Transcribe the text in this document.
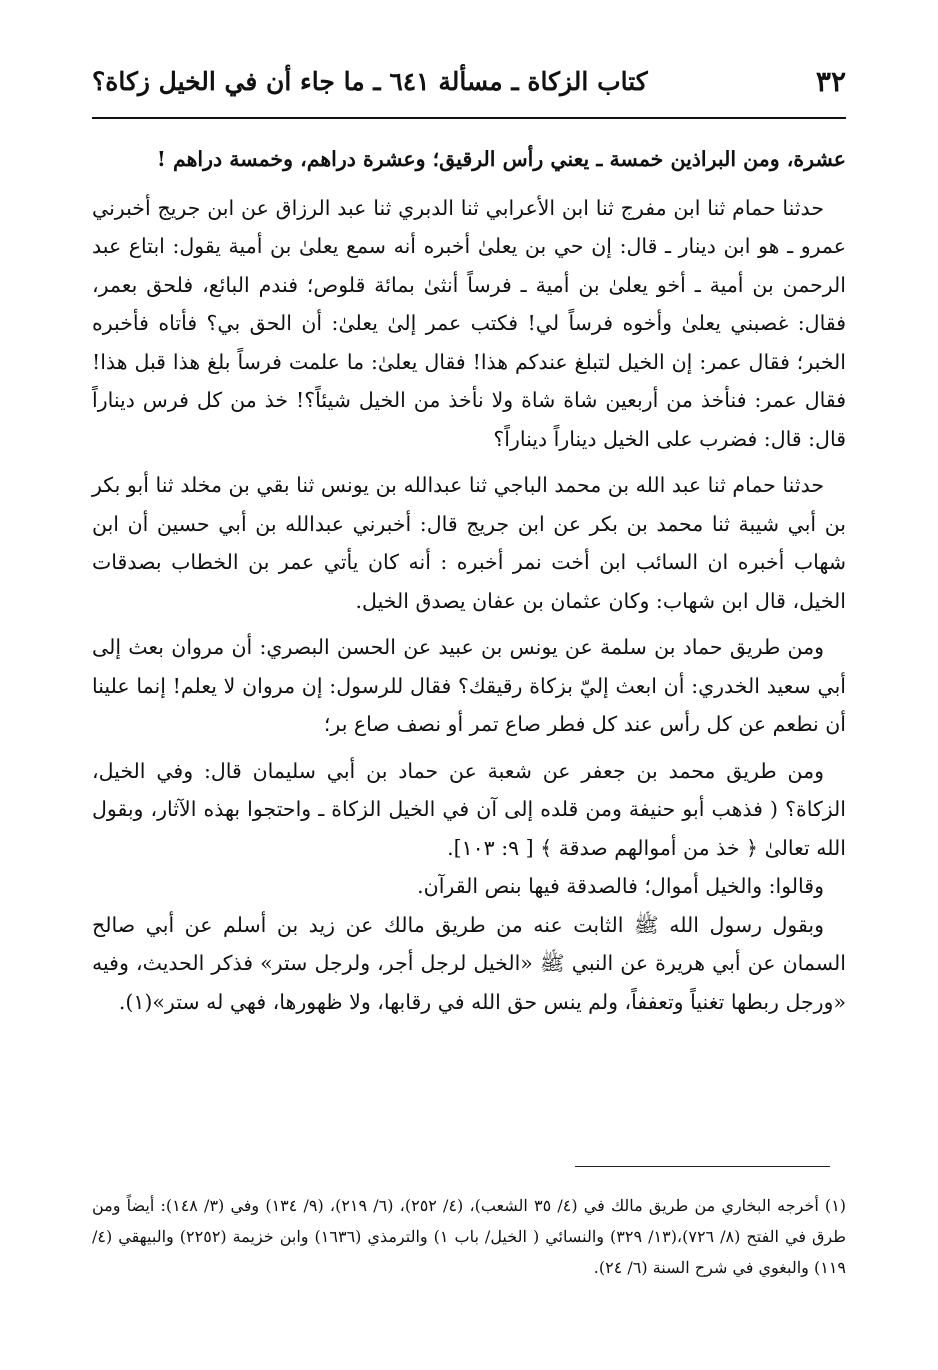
٣٢
كتاب الزكاة ـ مسألة ٦٤١ ـ ما جاء أن في الخيل زكاة؟

عشرة، ومن البراذين خمسة ـ يعني رأس الرقيق؛ وعشرة دراهم، وخمسة دراهم !

حدثنا حمام ثنا ابن مفرج ثنا ابن الأعرابي ثنا الدبري ثنا عبد الرزاق عن ابن جريج أخبرني عمرو ـ هو ابن دينار ـ قال: إن حي بن يعلىٰ أخبره أنه سمع يعلىٰ بن أمية يقول: ابتاع عبد الرحمن بن أمية ـ أخو يعلىٰ بن أمية ـ فرساً أنثىٰ بمائة قلوص؛ فندم البائع، فلحق بعمر، فقال: غصبني يعلىٰ وأخوه فرساً لي! فكتب عمر إلىٰ يعلىٰ: أن الحق بي؟ فأتاه فأخبره الخبر؛ فقال عمر: إن الخيل لتبلغ عندكم هذا! فقال يعلىٰ: ما علمت فرساً بلغ هذا قبل هذا! فقال عمر: فنأخذ من أربعين شاة شاة ولا نأخذ من الخيل شيئاً؟! خذ من كل فرس ديناراً قال: قال: فضرب على الخيل ديناراً ديناراً؟

حدثنا حمام ثنا عبد الله بن محمد الباجي ثنا عبدالله بن يونس ثنا بقي بن مخلد ثنا أبو بكر بن أبي شيبة ثنا محمد بن بكر عن ابن جريج قال: أخبرني عبدالله بن أبي حسين أن ابن شهاب أخبره ان السائب ابن أخت نمر أخبره : أنه كان يأتي عمر بن الخطاب بصدقات الخيل، قال ابن شهاب: وكان عثمان بن عفان يصدق الخيل.

ومن طريق حماد بن سلمة عن يونس بن عبيد عن الحسن البصري: أن مروان بعث إلى أبي سعيد الخدري: أن ابعث إليّ بزكاة رقيقك؟ فقال للرسول: إن مروان لا يعلم! إنما علينا أن نطعم عن كل رأس عند كل فطر صاع تمر أو نصف صاع بر؛

ومن طريق محمد بن جعفر عن شعبة عن حماد بن أبي سليمان قال: وفي الخيل، الزكاة؟ ( فذهب أبو حنيفة ومن قلده إلى آن في الخيل الزكاة ـ واحتجوا بهذه الآثار، وبقول الله تعالىٰ ﴿ خذ من أموالهم صدقة ﴾ [ ٩: ١٠٣].

وقالوا: والخيل أموال؛ فالصدقة فيها بنص القرآن.

وبقول رسول الله ﷺ الثابت عنه من طريق مالك عن زيد بن أسلم عن أبي صالح السمان عن أبي هريرة عن النبي ﷺ «الخيل لرجل أجر، ولرجل ستر» فذكر الحديث، وفيه «ورجل ربطها تغنياً وتعففاً، ولم ينس حق الله في رقابها، ولا ظهورها، فهي له ستر»(١).

(١) أخرجه البخاري من طريق مالك في (٤/ ٣٥ الشعب)، (٤/ ٢٥٢)، (٦/ ٢١٩)، (٩/ ١٣٤) وفي (٣/ ١٤٨): أيضاً ومن طرق في الفتح (٨/ ٧٢٦)،(١٣/ ٣٢٩) والنسائي ( الخيل/ باب ١) والترمذي (١٦٣٦) وابن خزيمة (٢٢٥٢) والبيهقي (٤/ ١١٩) والبغوي في شرح السنة (٦/ ٢٤).
